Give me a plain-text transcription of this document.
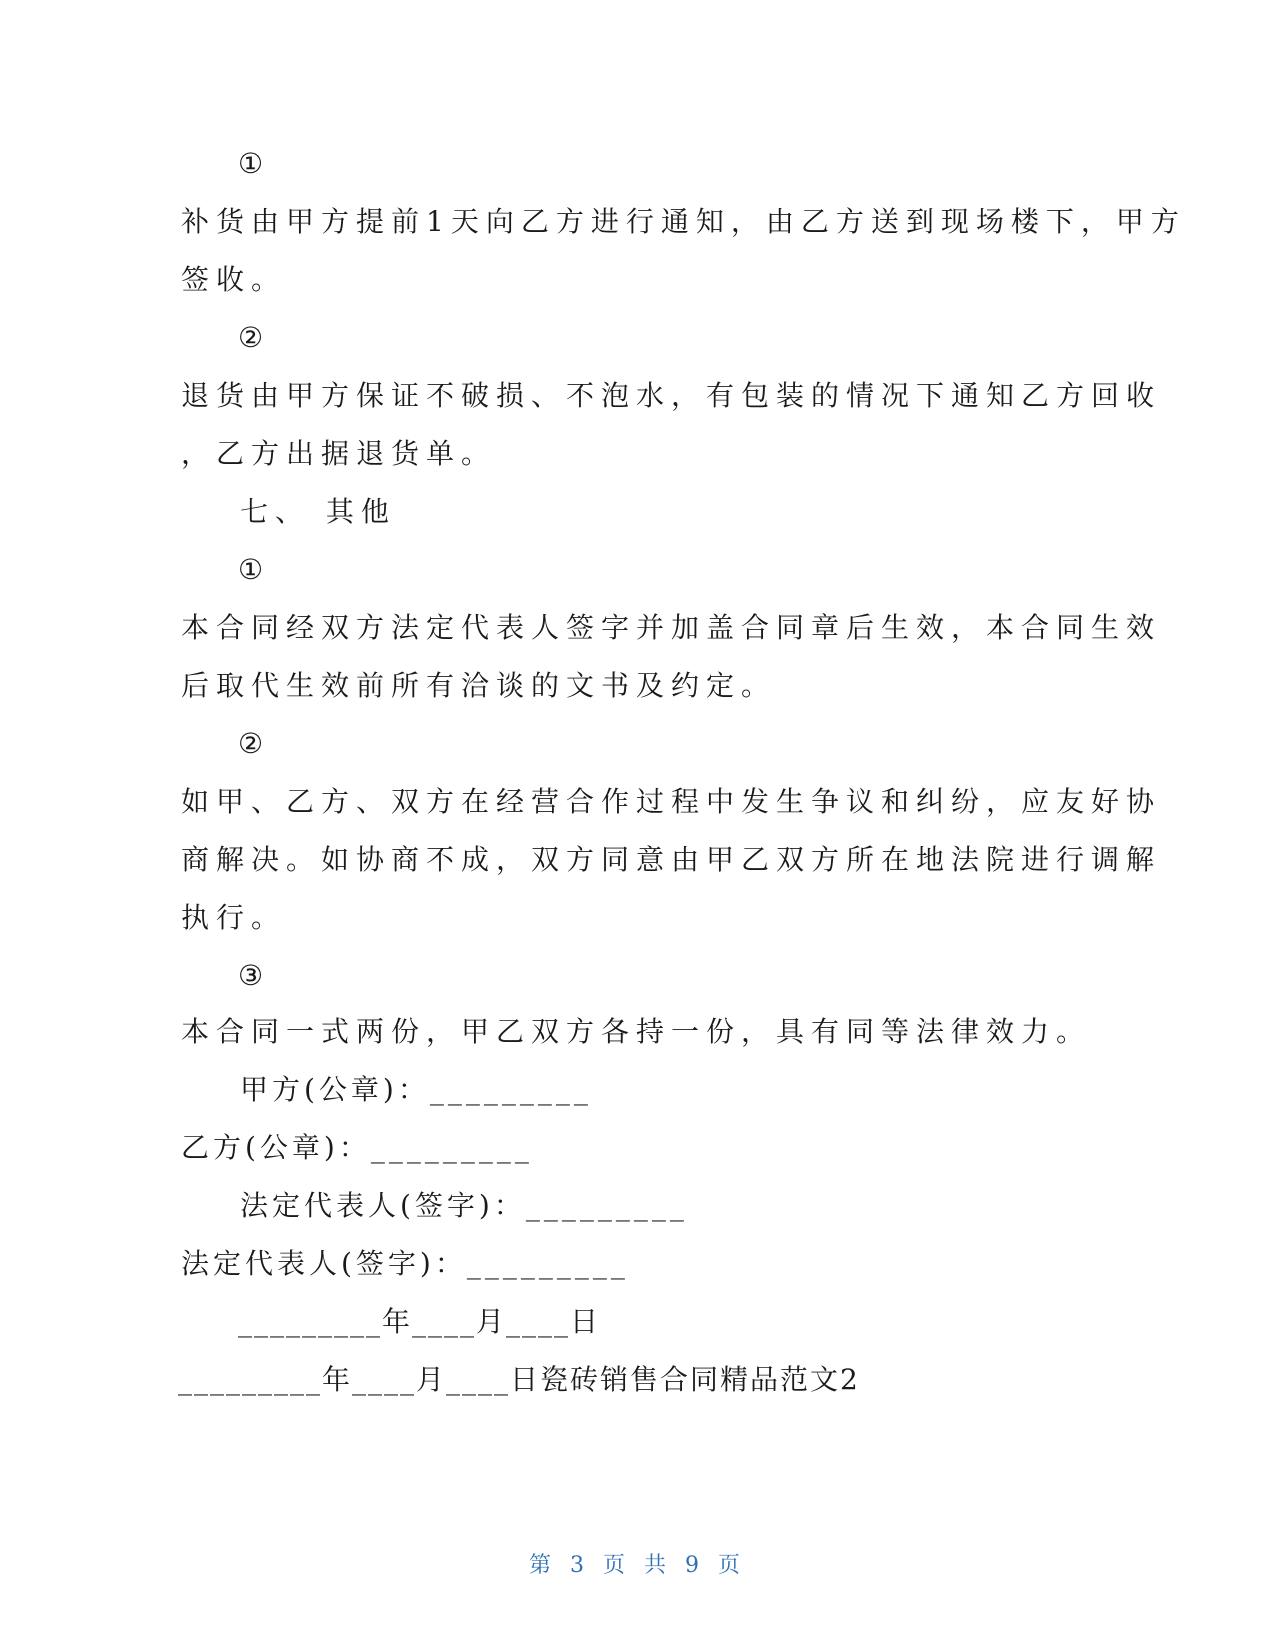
①
补货由甲方提前1天向乙方进行通知，由乙方送到现场楼下，甲方
签收。
②
退货由甲方保证不破损、不泡水，有包装的情况下通知乙方回收
，乙方出据退货单。
七、 其他
①
本合同经双方法定代表人签字并加盖合同章后生效，本合同生效
后取代生效前所有洽谈的文书及约定。
②
如甲、乙方、双方在经营合作过程中发生争议和纠纷，应友好协
商解决。如协商不成，双方同意由甲乙双方所在地法院进行调解
执行。
③
本合同一式两份，甲乙双方各持一份，具有同等法律效力。
甲方(公章)：_________
乙方(公章)：_________
法定代表人(签字)：_________
法定代表人(签字)：_________
_________年____月____日
_________年____月____日瓷砖销售合同精品范文2
第 3 页 共 9 页
